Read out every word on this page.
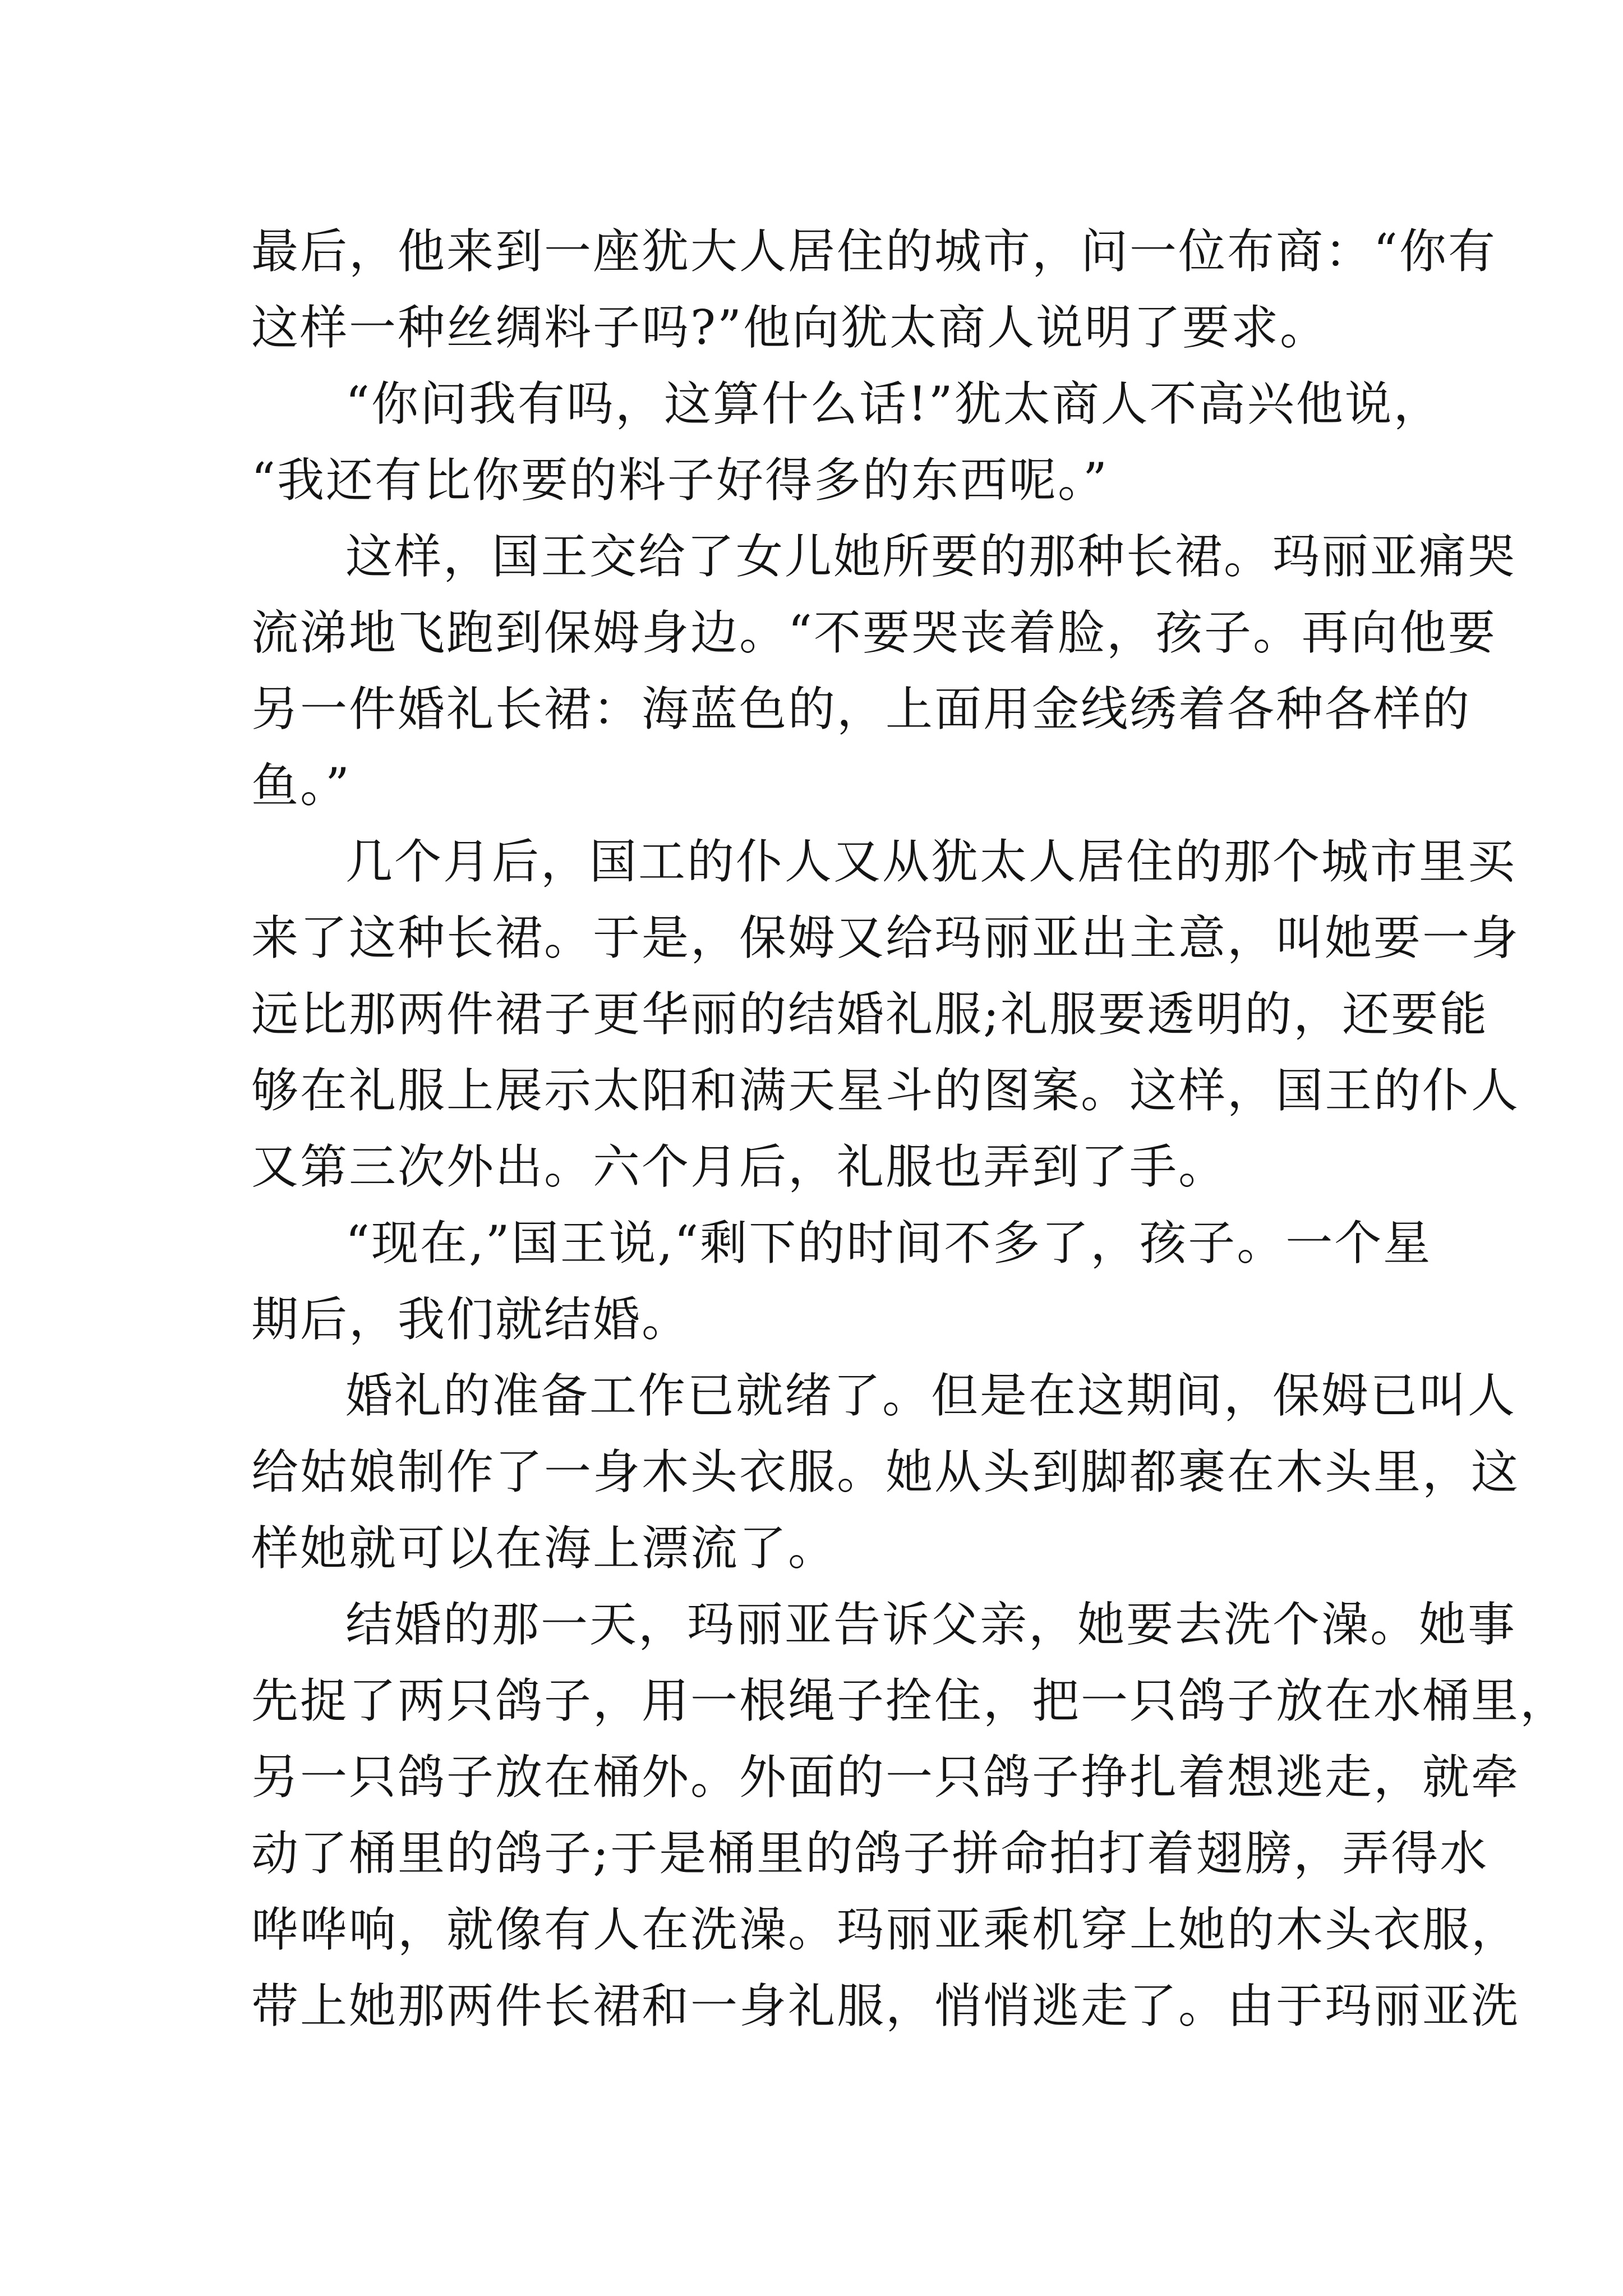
最后，他来到一座犹大人居住的城市，问一位布商：“你有
这样一种丝绸料子吗?”他向犹太商人说明了要求。
“你问我有吗，这算什么话!”犹太商人不高兴他说，
“我还有比你要的料子好得多的东西呢。”
这样，国王交给了女儿她所要的那种长裙。玛丽亚痛哭
流涕地飞跑到保姆身边。“不要哭丧着脸，孩子。再向他要
另一件婚礼长裙：海蓝色的，上面用金线绣着各种各样的
鱼。”
几个月后，国工的仆人又从犹太人居住的那个城市里买
来了这种长裙。于是，保姆又给玛丽亚出主意，叫她要一身
远比那两件裙子更华丽的结婚礼服;礼服要透明的，还要能
够在礼服上展示太阳和满天星斗的图案。这样，国王的仆人
又第三次外出。六个月后，礼服也弄到了手。
“现在,”国王说,“剩下的时间不多了，孩子。一个星
期后，我们就结婚。
婚礼的准备工作已就绪了。但是在这期间，保姆已叫人
给姑娘制作了一身木头衣服。她从头到脚都裹在木头里，这
样她就可以在海上漂流了。
结婚的那一天，玛丽亚告诉父亲，她要去洗个澡。她事
先捉了两只鸽子，用一根绳子拴住，把一只鸽子放在水桶里，
另一只鸽子放在桶外。外面的一只鸽子挣扎着想逃走，就牵
动了桶里的鸽子;于是桶里的鸽子拼命拍打着翅膀，弄得水
哗哗响，就像有人在洗澡。玛丽亚乘机穿上她的木头衣服，
带上她那两件长裙和一身礼服，悄悄逃走了。由于玛丽亚洗
